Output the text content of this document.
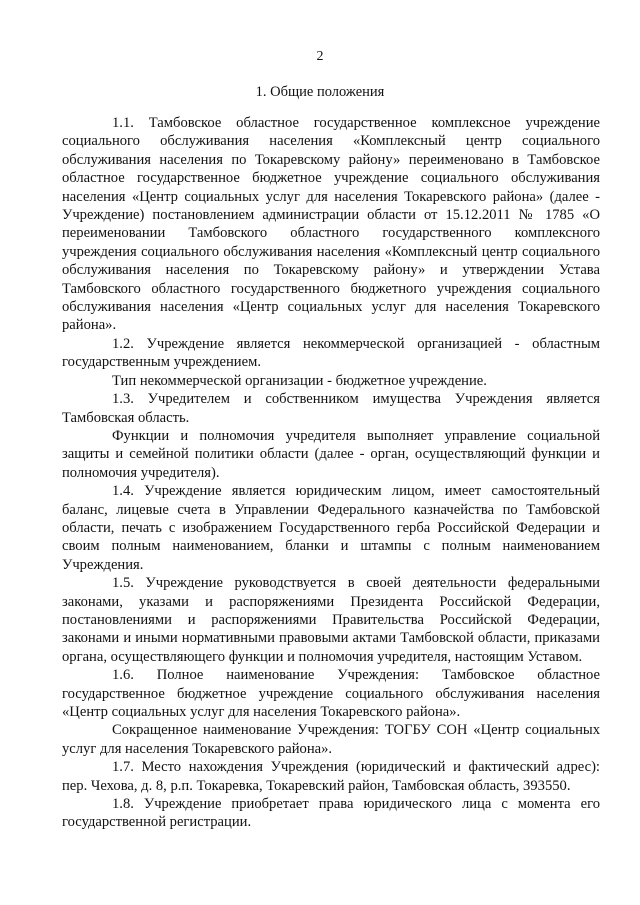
2
1. Общие положения

1.1. Тамбовское областное государственное комплексное учреждение социального обслуживания населения «Комплексный центр социального обслуживания населения по Токаревскому району» переименовано в Тамбовское областное государственное бюджетное учреждение социального обслуживания населения «Центр социальных услуг для населения Токаревского района» (далее - Учреждение) постановлением администрации области от 15.12.2011 № 1785 «О переименовании Тамбовского областного государственного комплексного учреждения социального обслуживания населения «Комплексный центр социального обслуживания населения по Токаревскому району» и утверждении Устава Тамбовского областного государственного бюджетного учреждения социального обслуживания населения «Центр социальных услуг для населения Токаревского района».

1.2. Учреждение является некоммерческой организацией - областным государственным учреждением.

Тип некоммерческой организации - бюджетное учреждение.

1.3. Учредителем и собственником имущества Учреждения является Тамбовская область.

Функции и полномочия учредителя выполняет управление социальной защиты и семейной политики области (далее - орган, осуществляющий функции и полномочия учредителя).

1.4. Учреждение является юридическим лицом, имеет самостоятельный баланс, лицевые счета в Управлении Федерального казначейства по Тамбовской области, печать с изображением Государственного герба Российской Федерации и своим полным наименованием, бланки и штампы с полным наименованием Учреждения.

1.5. Учреждение руководствуется в своей деятельности федеральными законами, указами и распоряжениями Президента Российской Федерации, постановлениями и распоряжениями Правительства Российской Федерации, законами и иными нормативными правовыми актами Тамбовской области, приказами органа, осуществляющего функции и полномочия учредителя, настоящим Уставом.

1.6. Полное наименование Учреждения: Тамбовское областное государственное бюджетное учреждение социального обслуживания населения «Центр социальных услуг для населения Токаревского района».

Сокращенное наименование Учреждения: ТОГБУ СОН «Центр социальных услуг для населения Токаревского района».

1.7. Место нахождения Учреждения (юридический и фактический адрес): пер. Чехова, д. 8, р.п. Токаревка, Токаревский район, Тамбовская область, 393550.

1.8. Учреждение приобретает права юридического лица с момента его государственной регистрации.
